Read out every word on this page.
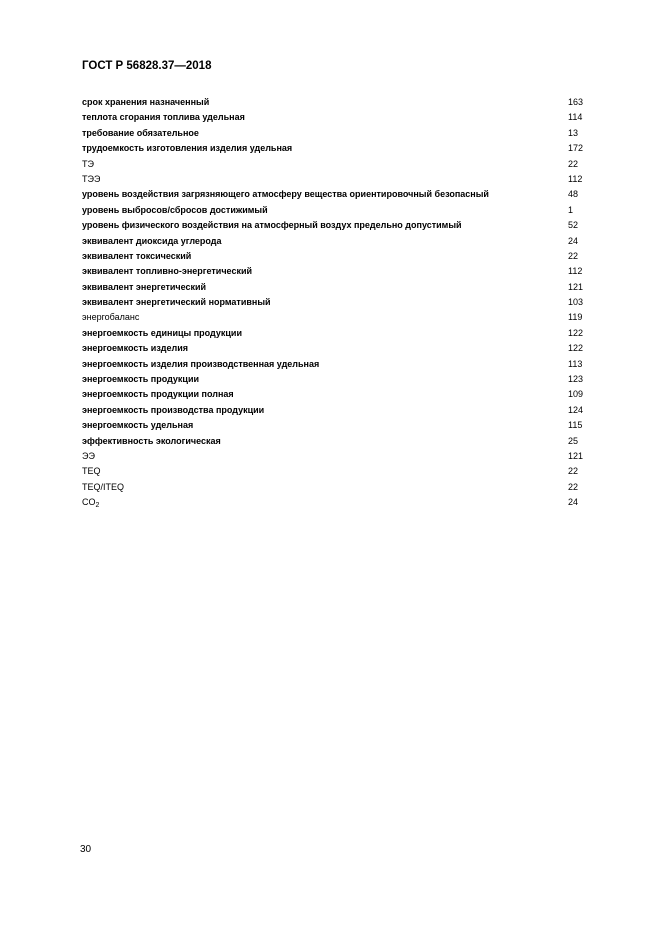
ГОСТ Р 56828.37—2018
срок хранения назначенный	163
теплота сгорания топлива удельная	114
требование обязательное	13
трудоемкость изготовления изделия удельная	172
ТЭ	22
ТЭЭ	112
уровень воздействия загрязняющего атмосферу вещества ориентировочный безопасный	48
уровень выбросов/сбросов достижимый	1
уровень физического воздействия на атмосферный воздух предельно допустимый	52
эквивалент диоксида углерода	24
эквивалент токсический	22
эквивалент топливно-энергетический	112
эквивалент энергетический	121
эквивалент энергетический нормативный	103
энергобаланс	119
энергоемкость единицы продукции	122
энергоемкость изделия	122
энергоемкость изделия производственная удельная	113
энергоемкость продукции	123
энергоемкость продукции полная	109
энергоемкость производства продукции	124
энергоемкость удельная	115
эффективность экологическая	25
ЭЭ	121
TEQ	22
TEQ/ITEQ	22
$CO_2$	24
30
